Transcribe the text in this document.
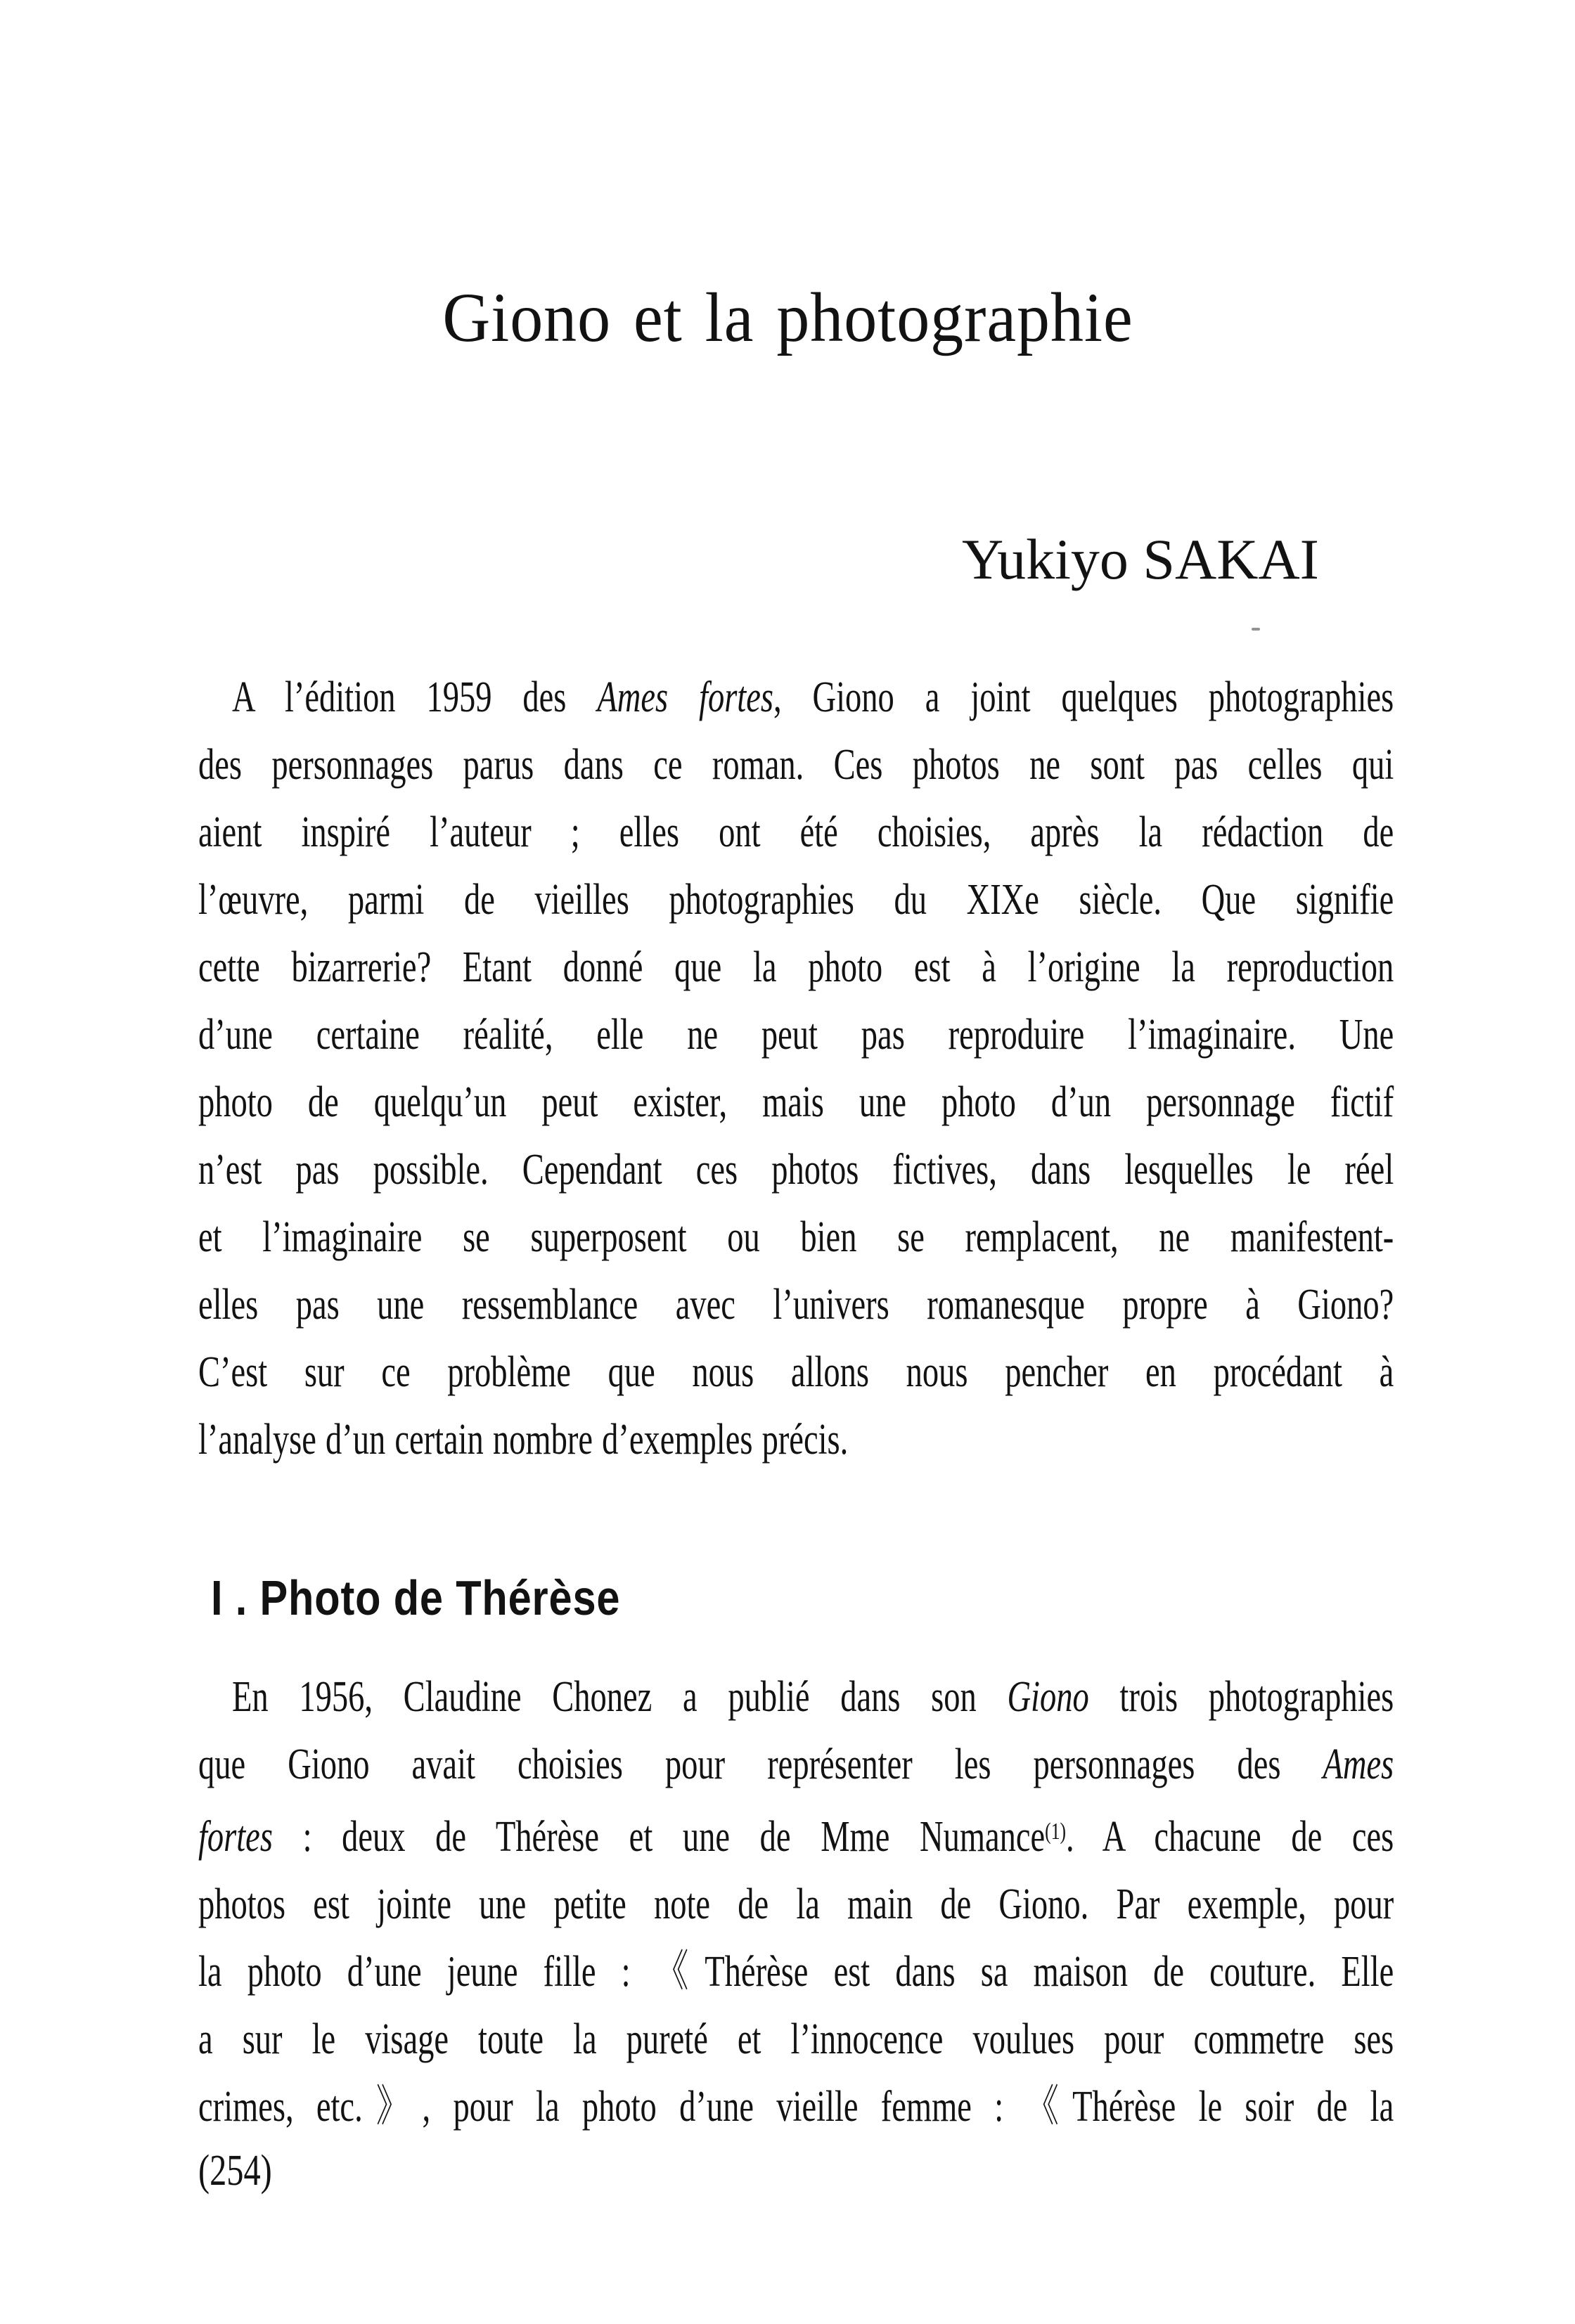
Giono et la photographie
Yukiyo SAKAI
A l’édition 1959 des Ames fortes, Giono a joint quelques photographies
des personnages parus dans ce roman. Ces photos ne sont pas celles qui
aient inspiré l’auteur ; elles ont été choisies, après la rédaction de
l’œuvre, parmi de vieilles photographies du XIXe siècle. Que signifie
cette bizarrerie? Etant donné que la photo est à l’origine la reproduction
d’une certaine réalité, elle ne peut pas reproduire l’imaginaire. Une
photo de quelqu’un peut exister, mais une photo d’un personnage fictif
n’est pas possible. Cependant ces photos fictives, dans lesquelles le réel
et l’imaginaire se superposent ou bien se remplacent, ne manifestent-
elles pas une ressemblance avec l’univers romanesque propre à Giono?
C’est sur ce problème que nous allons nous pencher en procédant à
l’analyse d’un certain nombre d’exemples précis.
I . Photo de Thérèse
En 1956, Claudine Chonez a publié dans son Giono trois photographies
que Giono avait choisies pour représenter les personnages des Ames
fortes : deux de Thérèse et une de Mme Numance$^{(1)}$. A chacune de ces
photos est jointe une petite note de la main de Giono. Par exemple, pour
la photo d’une jeune fille : 《Thérèse est dans sa maison de couture. Elle
a sur le visage toute la pureté et l’innocence voulues pour commetre ses
crimes, etc.》, pour la photo d’une vieille femme : 《Thérèse le soir de la
(254)
